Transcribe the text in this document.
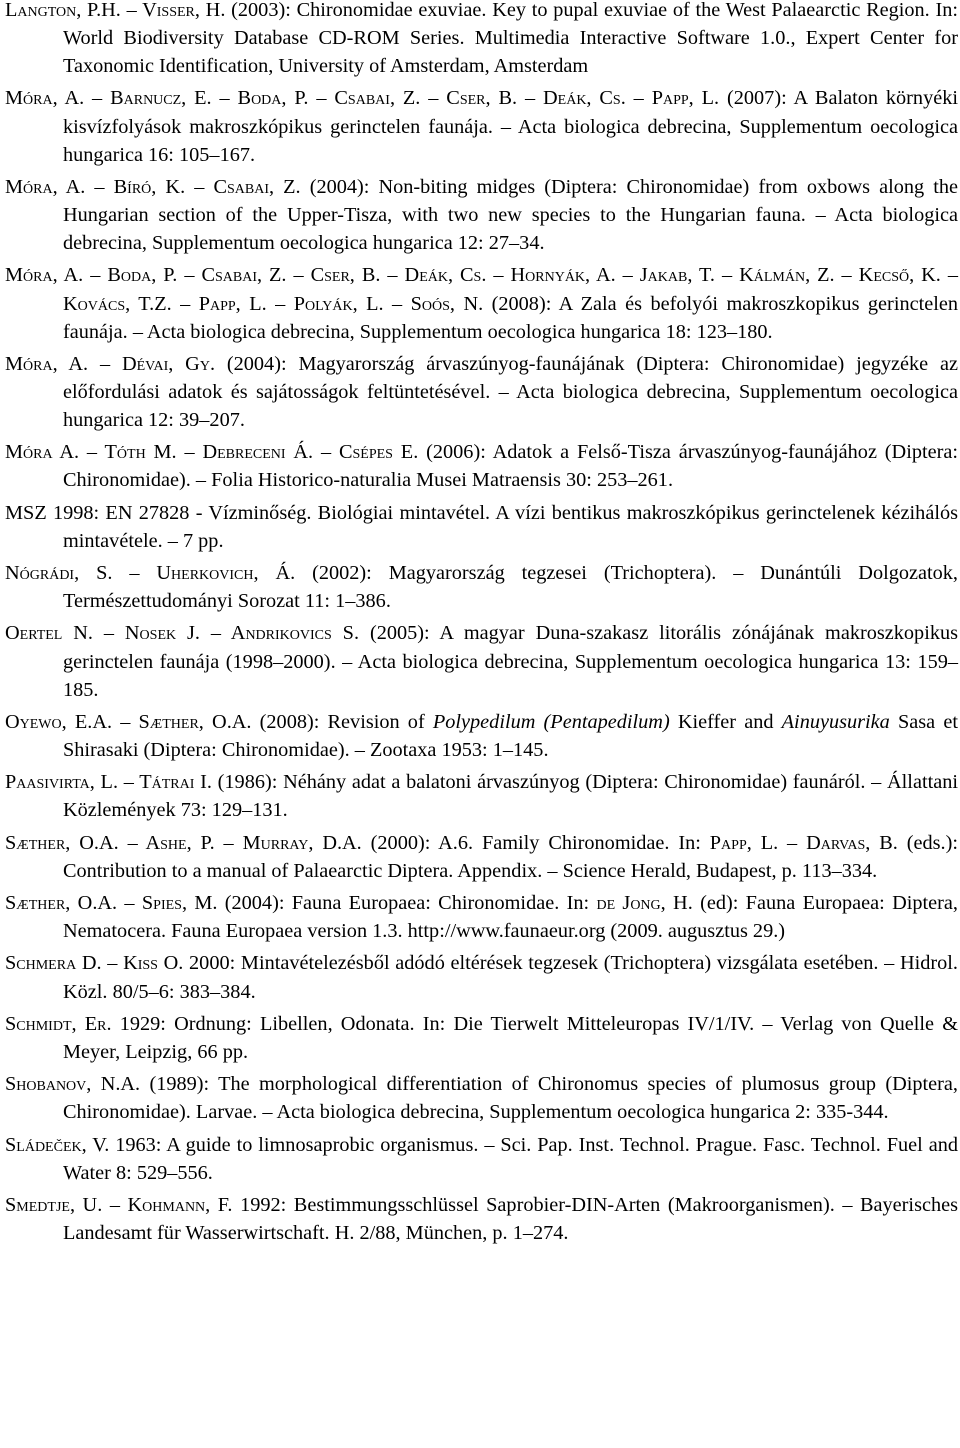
Langton, P.H. – Visser, H. (2003): Chironomidae exuviae. Key to pupal exuviae of the West Palaearctic Region. In: World Biodiversity Database CD-ROM Series. Multimedia Interactive Software 1.0., Expert Center for Taxonomic Identification, University of Amsterdam, Amsterdam

Móra, A. – Barnucz, E. – Boda, P. – Csabai, Z. – Cser, B. – Deák, Cs. – Papp, L. (2007): A Balaton környéki kisvízfolyások makroszkópikus gerinctelen faunája. – Acta biologica debrecina, Supplementum oecologica hungarica 16: 105–167.

Móra, A. – Bíró, K. – Csabai, Z. (2004): Non-biting midges (Diptera: Chironomidae) from oxbows along the Hungarian section of the Upper-Tisza, with two new species to the Hungarian fauna. – Acta biologica debrecina, Supplementum oecologica hungarica 12: 27–34.

Móra, A. – Boda, P. – Csabai, Z. – Cser, B. – Deák, Cs. – Hornyák, A. – Jakab, T. – Kálmán, Z. – Kecső, K. – Kovács, T.Z. – Papp, L. – Polyák, L. – Soós, N. (2008): A Zala és befolyói makroszkopikus gerinctelen faunája. – Acta biologica debrecina, Supplementum oecologica hungarica 18: 123–180.

Móra, A. – Dévai, Gy. (2004): Magyarország árvaszúnyog-faunájának (Diptera: Chironomidae) jegyzéke az előfordulási adatok és sajátosságok feltüntetésével. – Acta biologica debrecina, Supplementum oecologica hungarica 12: 39–207.

Móra A. – Tóth M. – Debreceni Á. – Csépes E. (2006): Adatok a Felső-Tisza árvaszúnyog-faunájához (Diptera: Chironomidae). – Folia Historico-naturalia Musei Matraensis 30: 253–261.

MSZ 1998: EN 27828 - Vízminőség. Biológiai mintavétel. A vízi bentikus makroszkópikus gerinctelenek kézihálós mintavétele. – 7 pp.

Nógrádi, S. – Uherkovich, Á. (2002): Magyarország tegzesei (Trichoptera). – Dunántúli Dolgozatok, Természettudományi Sorozat 11: 1–386.

Oertel N. – Nosek J. – Andrikovics S. (2005): A magyar Duna-szakasz litorális zónájának makroszkopikus gerinctelen faunája (1998–2000). – Acta biologica debrecina, Supplementum oecologica hungarica 13: 159–185.

Oyewo, E.A. – Sæther, O.A. (2008): Revision of Polypedilum (Pentapedilum) Kieffer and Ainuyusurika Sasa et Shirasaki (Diptera: Chironomidae). – Zootaxa 1953: 1–145.

Paasivirta, L. – Tátrai I. (1986): Néhány adat a balatoni árvaszúnyog (Diptera: Chironomidae) faunáról. – Állattani Közlemények 73: 129–131.

Sæther, O.A. – Ashe, P. – Murray, D.A. (2000): A.6. Family Chironomidae. In: Papp, L. – Darvas, B. (eds.): Contribution to a manual of Palaearctic Diptera. Appendix. – Science Herald, Budapest, p. 113–334.

Sæther, O.A. – Spies, M. (2004): Fauna Europaea: Chironomidae. In: de Jong, H. (ed): Fauna Europaea: Diptera, Nematocera. Fauna Europaea version 1.3. http://www.faunaeur.org (2009. augusztus 29.)

Schmera D. – Kiss O. 2000: Mintavételezésből adódó eltérések tegzesek (Trichoptera) vizsgálata esetében. – Hidrol. Közl. 80/5–6: 383–384.

Schmidt, Er. 1929: Ordnung: Libellen, Odonata. In: Die Tierwelt Mitteleuropas IV/1/IV. – Verlag von Quelle & Meyer, Leipzig, 66 pp.

Shobanov, N.A. (1989): The morphological differentiation of Chironomus species of plumosus group (Diptera, Chironomidae). Larvae. – Acta biologica debrecina, Supplementum oecologica hungarica 2: 335-344.

Sládeček, V. 1963: A guide to limnosaprobic organismus. – Sci. Pap. Inst. Technol. Prague. Fasc. Technol. Fuel and Water 8: 529–556.

Smedtje, U. – Kohmann, F. 1992: Bestimmungsschlüssel Saprobier-DIN-Arten (Makroorganismen). – Bayerisches Landesamt für Wasserwirtschaft. H. 2/88, München, p. 1–274.
